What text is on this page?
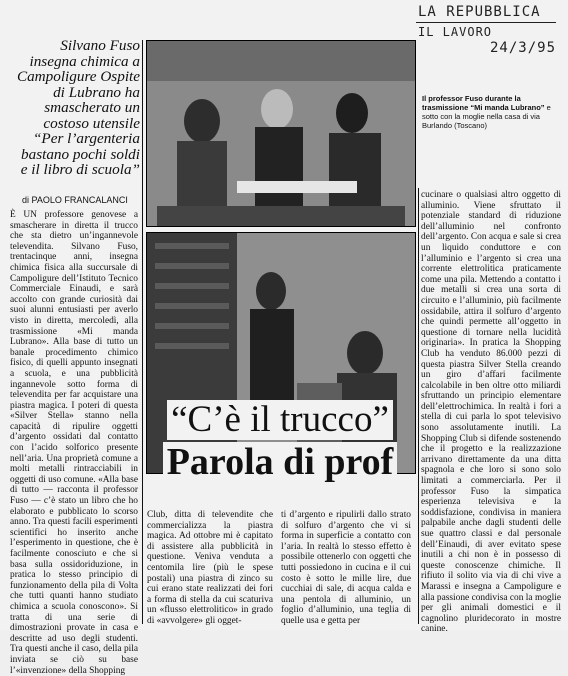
LA REPUBBLICA
IL LAVORO
24/3/95
Silvano Fuso insegna chimica a Campoligure Ospite di Lubrano ha smascherato un costoso utensile “Per l’argenteria bastano pochi soldi e il libro di scuola”
di PAOLO FRANCALANCI
Il professor Fuso durante la trasmissione “Mi manda Lubrano” e sotto con la moglie nella casa di via Burlando (Toscano)
“C’è il trucco”
Parola di prof
È UN professore genovese a smascherare in diretta il trucco che sta dietro un’ingannevole televendita. Silvano Fuso, trentacinque anni, insegna chimica fisica alla succursale di Campoligure dell’Istituto Tecnico Commerciale Einaudi, e sarà accolto con grande curiosità dai suoi alunni entusiasti per averlo visto in diretta, mercoledì, alla trasmissione «Mi manda Lubrano». Alla base di tutto un banale procedimento chimico fisico, di quelli appunto insegnati a scuola, e una pubblicità ingannevole sotto forma di televendita per far acquistare una piastra magica. I poteri di questa «Silver Stella» stanno nella capacità di ripulire oggetti d’argento ossidati dal contatto con l’acido solforico presente nell’aria. Una proprietà comune a molti metalli rintracciabili in oggetti di uso comune. «Alla base di tutto — racconta il professor Fuso — c’è stato un libro che ho elaborato e pubblicato lo scorso anno. Tra questi facili esperimenti scientifici ho inserito anche l’esperimento in questione, che è facilmente conosciuto e che si basa sulla ossidoriduzione, in pratica lo stesso principio di funzionamento della pila di Volta che tutti quanti hanno studiato chimica a scuola conoscono». Si tratta di una serie di dimostrazioni provate in casa e descritte ad uso degli studenti. Tra questi anche il caso, della pila inviata se ciò su base l’«invenzione» della Shopping
Club, ditta di televendite che commercializza la piastra magica. Ad ottobre mi è capitato di assistere alla pubblicità in questione. Veniva venduta a centomila lire (più le spese postali) una piastra di zinco su cui erano state realizzati dei fori a forma di stella da cui scaturiva un «flusso elettrolitico» in grado di «avvolgere» gli ogget-
ti d’argento e ripulirli dallo strato di solfuro d’argento che vi si forma in superficie a contatto con l’aria. In realtà lo stesso effetto è possibile ottenerlo con oggetti che tutti possiedono in cucina e il cui costo è sotto le mille lire, due cucchiai di sale, di acqua calda e una pentola di alluminio, un foglio d’alluminio, una teglia di quelle usa e getta per
cucinare o qualsiasi altro oggetto di alluminio. Viene sfruttato il potenziale standard di riduzione dell’alluminio nel confronto dell’argento. Con acqua e sale si crea un liquido conduttore e con l’alluminio e l’argento si crea una corrente elettrolitica praticamente come una pila. Mettendo a contatto i due metalli si crea una sorta di circuito e l’alluminio, più facilmente ossidabile, attira il solfuro d’argento che quindi permette all’oggetto in questione di tornare nella lucidità originaria». In pratica la Shopping Club ha venduto 86.000 pezzi di questa piastra Silver Stella creando un giro d’affari facilmente calcolabile in ben oltre otto miliardi sfruttando un principio elementare dell’elettrochimica. In realtà i fori a stella di cui parla lo spot televisivo sono assolutamente inutili. La Shopping Club si difende sostenendo che il progetto e la realizzazione arrivano direttamente da una ditta spagnola e che loro si sono solo limitati a commerciarla. Per il professor Fuso la simpatica esperienza televisiva e la soddisfazione, condivisa in maniera palpabile anche dagli studenti delle sue quattro classi e dal personale dell’Einaudi, di aver evitato spese inutili a chi non è in possesso di queste conoscenze chimiche. Il rifiuto il solito via via di chi vive a Marassi e insegna a Campoligure e alla passione condivisa con la moglie per gli animali domestici e il cagnolino pluridecorato in mostre canine.
